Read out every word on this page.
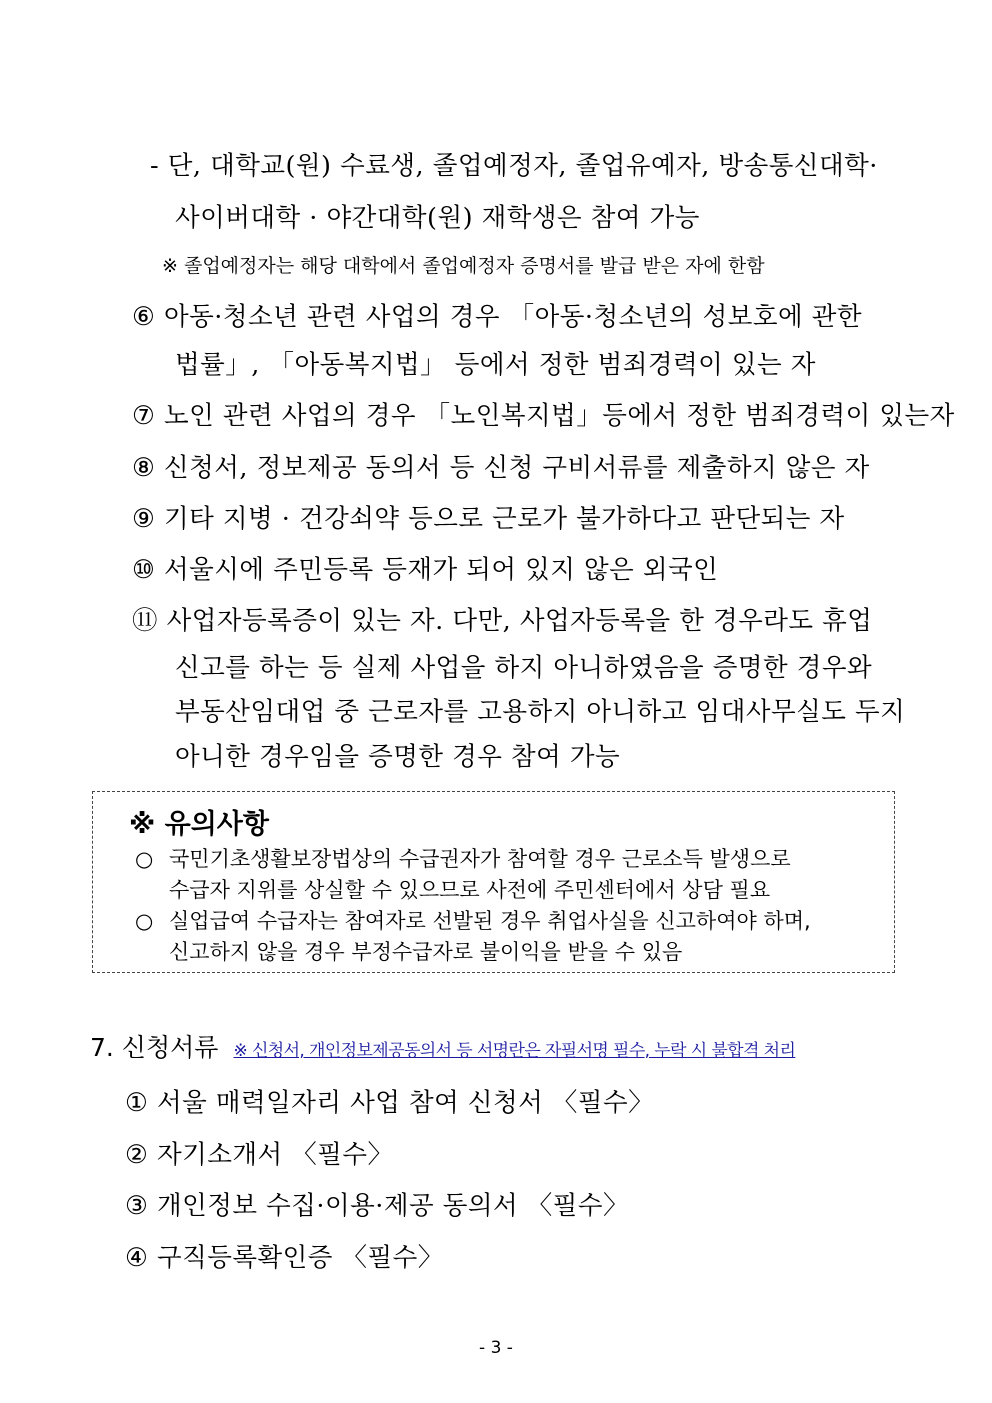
- 단, 대학교(원) 수료생, 졸업예정자, 졸업유예자, 방송통신대학·
사이버대학 · 야간대학(원) 재학생은 참여 가능
※ 졸업예정자는 해당 대학에서 졸업예정자 증명서를 발급 받은 자에 한함
⑥ 아동·청소년 관련 사업의 경우 「아동·청소년의 성보호에 관한
법률」, 「아동복지법」 등에서 정한 범죄경력이 있는 자
⑦ 노인 관련 사업의 경우 「노인복지법」등에서 정한 범죄경력이 있는자
⑧ 신청서, 정보제공 동의서 등 신청 구비서류를 제출하지 않은 자
⑨ 기타 지병 · 건강쇠약 등으로 근로가 불가하다고 판단되는 자
⑩ 서울시에 주민등록 등재가 되어 있지 않은 외국인
⑪ 사업자등록증이 있는 자. 다만, 사업자등록을 한 경우라도 휴업
신고를 하는 등 실제 사업을 하지 아니하였음을 증명한 경우와
부동산임대업 중 근로자를 고용하지 아니하고 임대사무실도 두지
아니한 경우임을 증명한 경우 참여 가능
※ 유의사항
○ 국민기초생활보장법상의 수급권자가 참여할 경우 근로소득 발생으로
수급자 지위를 상실할 수 있으므로 사전에 주민센터에서 상담 필요
○ 실업급여 수급자는 참여자로 선발된 경우 취업사실을 신고하여야 하며,
신고하지 않을 경우 부정수급자로 불이익을 받을 수 있음
7. 신청서류 ※ 신청서, 개인정보제공동의서 등 서명란은 자필서명 필수, 누락 시 불합격 처리
① 서울 매력일자리 사업 참여 신청서 〈필수〉
② 자기소개서 〈필수〉
③ 개인정보 수집·이용·제공 동의서 〈필수〉
④ 구직등록확인증 〈필수〉
- 3 -
